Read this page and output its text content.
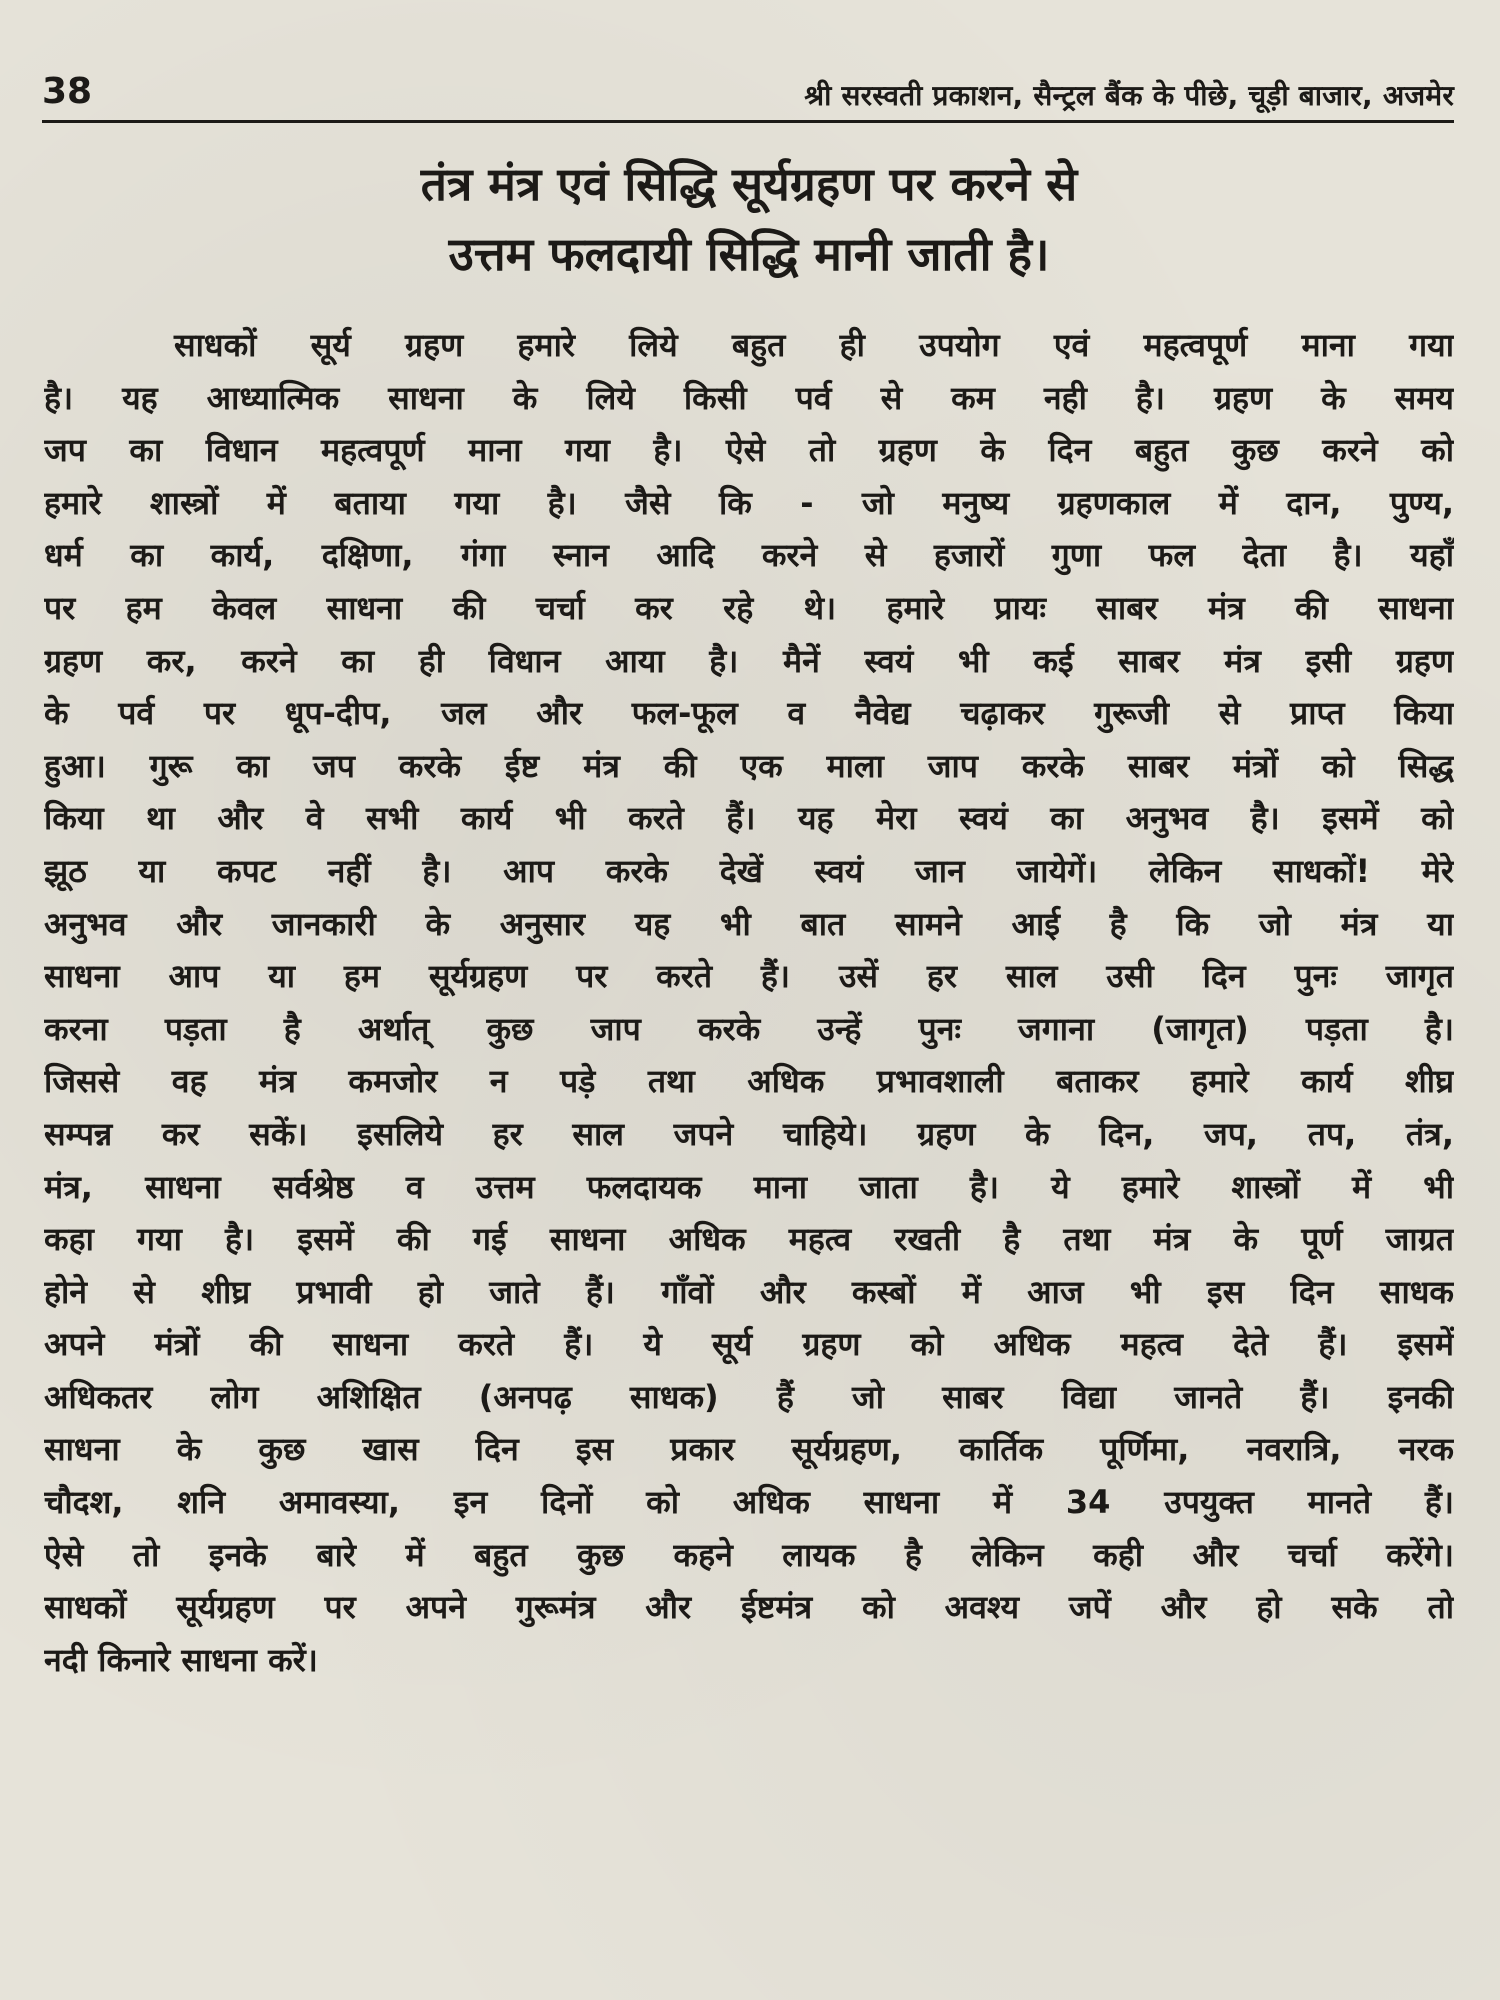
38	श्री सरस्वती प्रकाशन, सैन्ट्रल बैंक के पीछे, चूड़ी बाजार, अजमेर
तंत्र मंत्र एवं सिद्धि सूर्यग्रहण पर करने से
उत्तम फलदायी सिद्धि मानी जाती है।
साधकों सूर्य ग्रहण हमारे लिये बहुत ही उपयोग एवं महत्वपूर्ण माना गया
है। यह आध्यात्मिक साधना के लिये किसी पर्व से कम नही है। ग्रहण के समय
जप का विधान महत्वपूर्ण माना गया है। ऐसे तो ग्रहण के दिन बहुत कुछ करने को
हमारे शास्त्रों में बताया गया है। जैसे कि - जो मनुष्य ग्रहणकाल में दान, पुण्य,
धर्म का कार्य, दक्षिणा, गंगा स्नान आदि करने से हजारों गुणा फल देता है। यहाँ
पर हम केवल साधना की चर्चा कर रहे थे। हमारे प्रायः साबर मंत्र की साधना
ग्रहण कर, करने का ही विधान आया है। मैनें स्वयं भी कई साबर मंत्र इसी ग्रहण
के पर्व पर धूप-दीप, जल और फल-फूल व नैवेद्य चढ़ाकर गुरूजी से प्राप्त किया
हुआ। गुरू का जप करके ईष्ट मंत्र की एक माला जाप करके साबर मंत्रों को सिद्ध
किया था और वे सभी कार्य भी करते हैं। यह मेरा स्वयं का अनुभव है। इसमें को
झूठ या कपट नहीं है। आप करके देखें स्वयं जान जायेगें। लेकिन साधकों! मेरे
अनुभव और जानकारी के अनुसार यह भी बात सामने आई है कि जो मंत्र या
साधना आप या हम सूर्यग्रहण पर करते हैं। उसें हर साल उसी दिन पुनः जागृत
करना पड़ता है अर्थात् कुछ जाप करके उन्हें पुनः जगाना (जागृत) पड़ता है।
जिससे वह मंत्र कमजोर न पड़े तथा अधिक प्रभावशाली बताकर हमारे कार्य शीघ्र
सम्पन्न कर सकें। इसलिये हर साल जपने चाहिये। ग्रहण के दिन, जप, तप, तंत्र,
मंत्र, साधना सर्वश्रेष्ठ व उत्तम फलदायक माना जाता है। ये हमारे शास्त्रों में भी
कहा गया है। इसमें की गई साधना अधिक महत्व रखती है तथा मंत्र के पूर्ण जाग्रत
होने से शीघ्र प्रभावी हो जाते हैं। गाँवों और कस्बों में आज भी इस दिन साधक
अपने मंत्रों की साधना करते हैं। ये सूर्य ग्रहण को अधिक महत्व देते हैं। इसमें
अधिकतर लोग अशिक्षित (अनपढ़ साधक) हैं जो साबर विद्या जानते हैं। इनकी
साधना के कुछ खास दिन इस प्रकार सूर्यग्रहण, कार्तिक पूर्णिमा, नवरात्रि, नरक
चौदश, शनि अमावस्या, इन दिनों को अधिक साधना में 34 उपयुक्त मानते हैं।
ऐसे तो इनके बारे में बहुत कुछ कहने लायक है लेकिन कही और चर्चा करेंगे।
साधकों सूर्यग्रहण पर अपने गुरूमंत्र और ईष्टमंत्र को अवश्य जपें और हो सके तो
नदी किनारे साधना करें।
